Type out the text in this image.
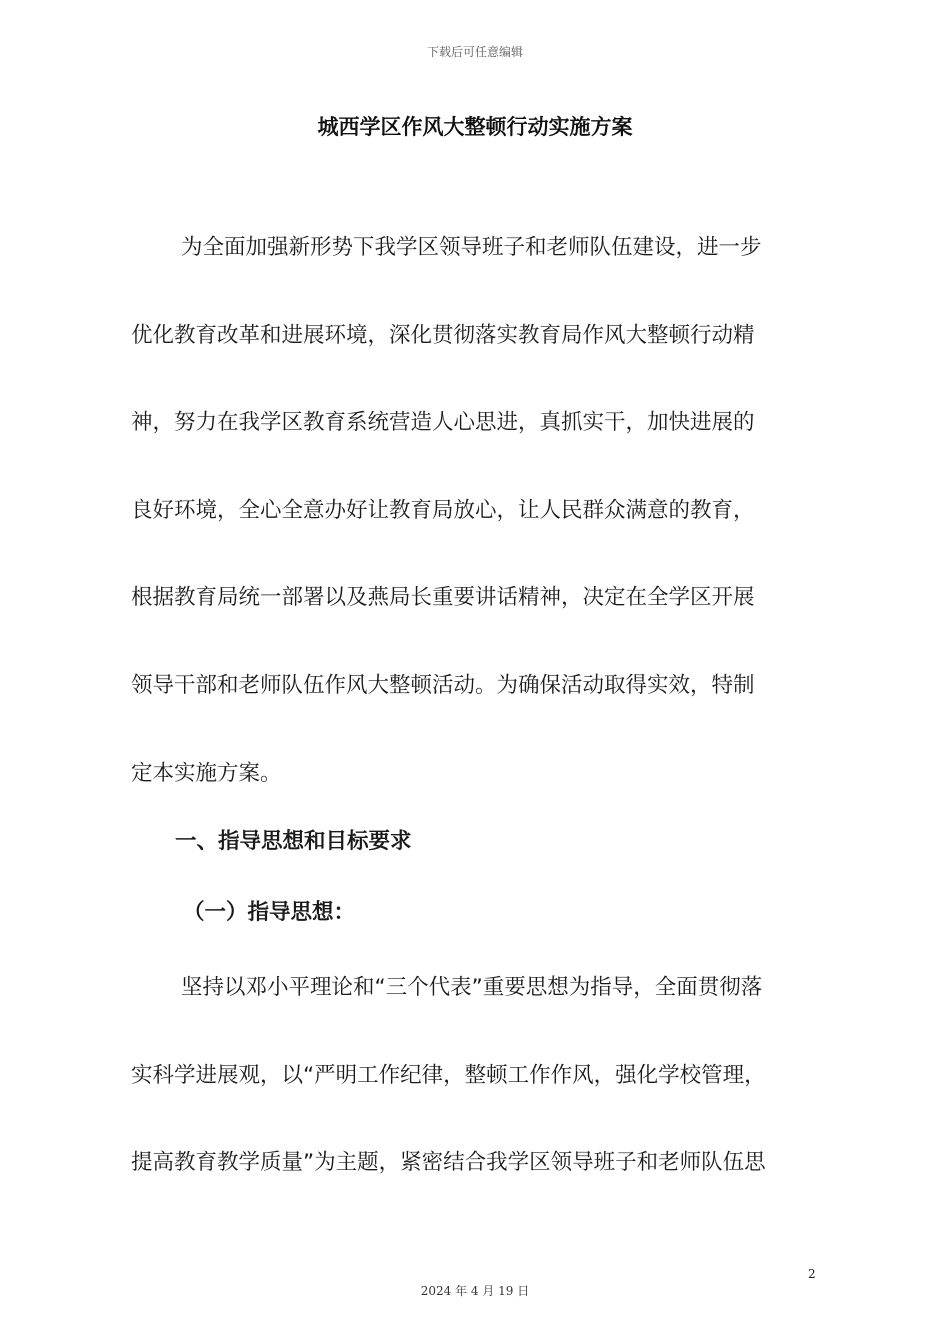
下载后可任意编辑
城西学区作风大整顿行动实施方案
为全面加强新形势下我学区领导班子和老师队伍建设，进一步
优化教育改革和进展环境，深化贯彻落实教育局作风大整顿行动精
神，努力在我学区教育系统营造人心思进，真抓实干，加快进展的
良好环境，全心全意办好让教育局放心，让人民群众满意的教育，
根据教育局统一部署以及燕局长重要讲话精神，决定在全学区开展
领导干部和老师队伍作风大整顿活动。为确保活动取得实效，特制
定本实施方案。
一、指导思想和目标要求
（一）指导思想：
坚持以邓小平理论和“三个代表”重要思想为指导，全面贯彻落
实科学进展观，以“严明工作纪律，整顿工作作风，强化学校管理，
提高教育教学质量”为主题，紧密结合我学区领导班子和老师队伍思
2
2024 年 4 月 19 日
